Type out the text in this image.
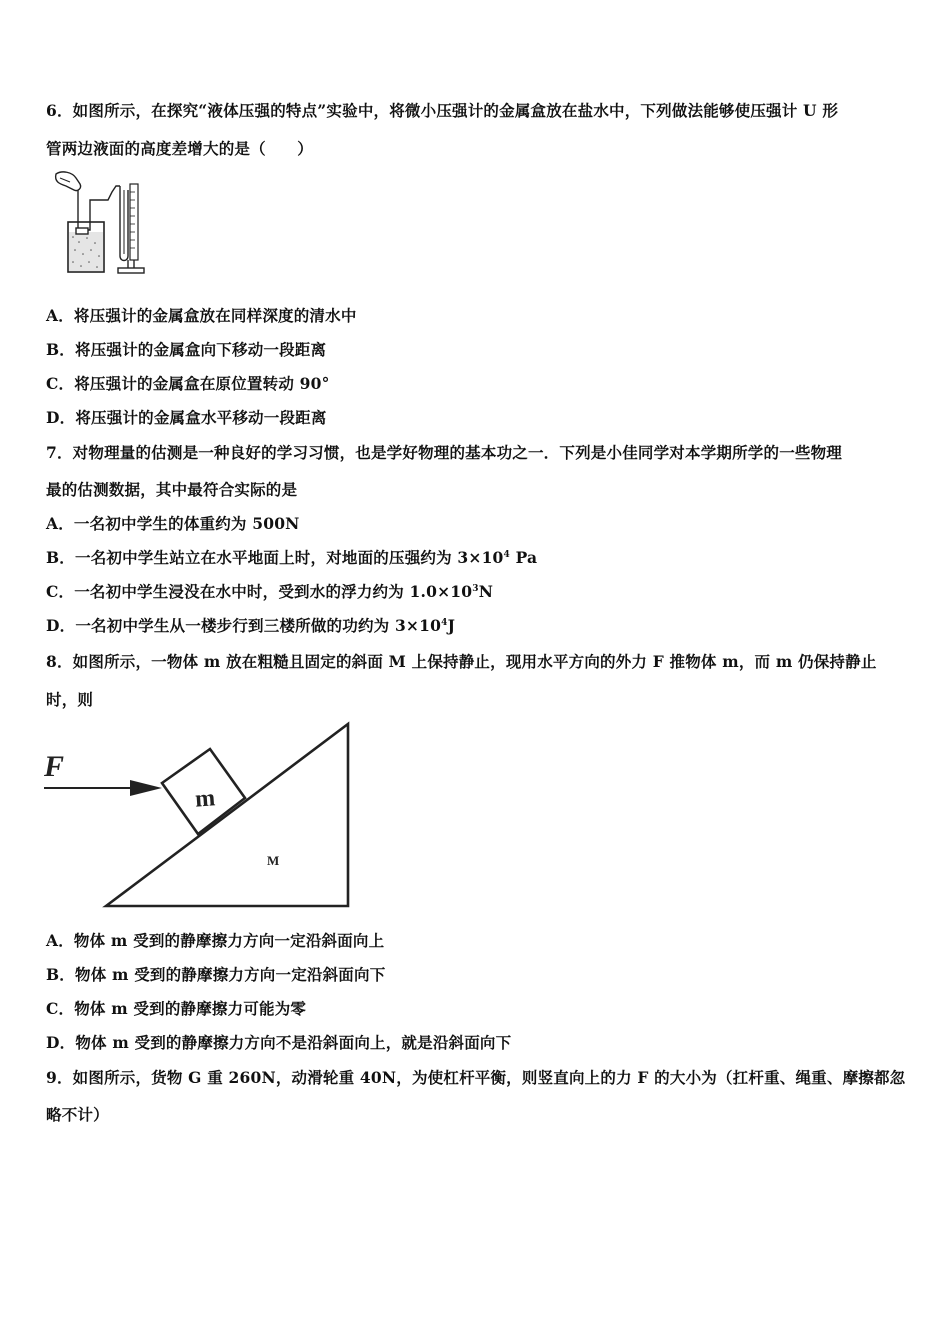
6．如图所示，在探究“液体压强的特点”实验中，将微小压强计的金属盒放在盐水中，下列做法能够使压强计 U 形
管两边液面的高度差增大的是（　　）
A．将压强计的金属盒放在同样深度的清水中
B．将压强计的金属盒向下移动一段距离
C．将压强计的金属盒在原位置转动 90°
D．将压强计的金属盒水平移动一段距离
7．对物理量的估测是一种良好的学习习惯，也是学好物理的基本功之一．下列是小佳同学对本学期所学的一些物理
最的估测数据，其中最符合实际的是
A．一名初中学生的体重约为 500N
B．一名初中学生站立在水平地面上时，对地面的压强约为 $3\times 10^4$ Pa
C．一名初中学生浸没在水中时，受到水的浮力约为 $1.0\times 10^3N$
D．一名初中学生从一楼步行到三楼所做的功约为 $3\times 10^4J$
8．如图所示，一物体 m 放在粗糙且固定的斜面 M 上保持静止，现用水平方向的外力 F 推物体 m，而 m 仍保持静止
时，则
F
m
M
A．物体 m 受到的静摩擦力方向一定沿斜面向上
B．物体 m 受到的静摩擦力方向一定沿斜面向下
C．物体 m 受到的静摩擦力可能为零
D．物体 m 受到的静摩擦力方向不是沿斜面向上，就是沿斜面向下
9．如图所示，货物 G 重 260N，动滑轮重 40N，为使杠杆平衡，则竖直向上的力 F 的大小为（扛杆重、绳重、摩擦都忽
略不计）
